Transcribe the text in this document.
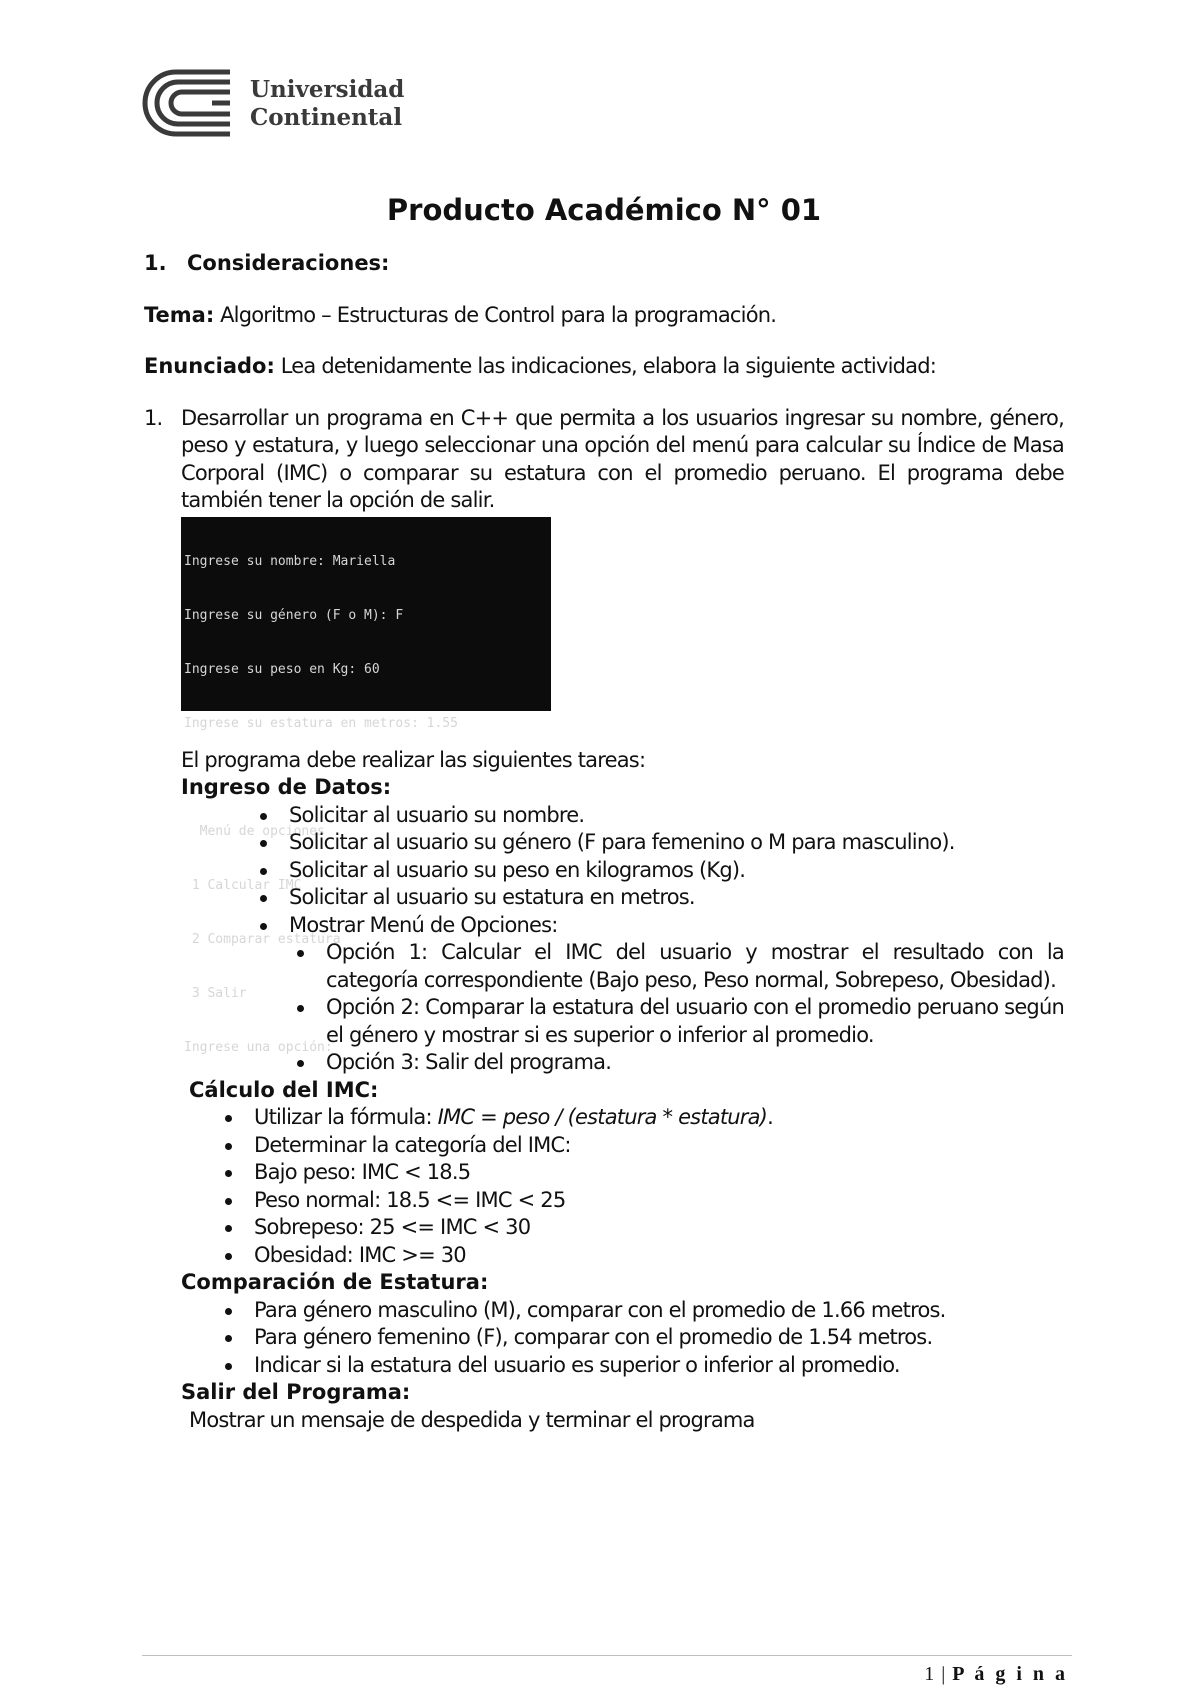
Universidad
Continental
Producto Académico N° 01
1. Consideraciones:

Tema: Algoritmo – Estructuras de Control para la programación.

Enunciado: Lea detenidamente las indicaciones, elabora la siguiente actividad:

1. Desarrollar un programa en C++ que permita a los usuarios ingresar su nombre, género, peso y estatura, y luego seleccionar una opción del menú para calcular su Índice de Masa Corporal (IMC) o comparar su estatura con el promedio peruano. El programa debe también tener la opción de salir.

Ingrese su nombre: Mariella

Ingrese su género (F o M): F

Ingrese su peso en Kg: 60

Ingrese su estatura en metros: 1.55

Menú de opciones

1 Calcular IMC

2 Comparar estatura

3 Salir

Ingrese una opción:

El programa debe realizar las siguientes tareas:

Ingreso de Datos:

Solicitar al usuario su nombre.
Solicitar al usuario su género (F para femenino o M para masculino).
Solicitar al usuario su peso en kilogramos (Kg).
Solicitar al usuario su estatura en metros.
Mostrar Menú de Opciones:
Opción 1: Calcular el IMC del usuario y mostrar el resultado con la categoría correspondiente (Bajo peso, Peso normal, Sobrepeso, Obesidad).
Opción 2: Comparar la estatura del usuario con el promedio peruano según el género y mostrar si es superior o inferior al promedio.
Opción 3: Salir del programa.

Cálculo del IMC:

Utilizar la fórmula: IMC = peso / (estatura * estatura).
Determinar la categoría del IMC:
Bajo peso: IMC < 18.5
Peso normal: 18.5 <= IMC < 25
Sobrepeso: 25 <= IMC < 30
Obesidad: IMC >= 30

Comparación de Estatura:

Para género masculino (M), comparar con el promedio de 1.66 metros.
Para género femenino (F), comparar con el promedio de 1.54 metros.
Indicar si la estatura del usuario es superior o inferior al promedio.

Salir del Programa:

Mostrar un mensaje de despedida y terminar el programa

1 | P á g i n a
